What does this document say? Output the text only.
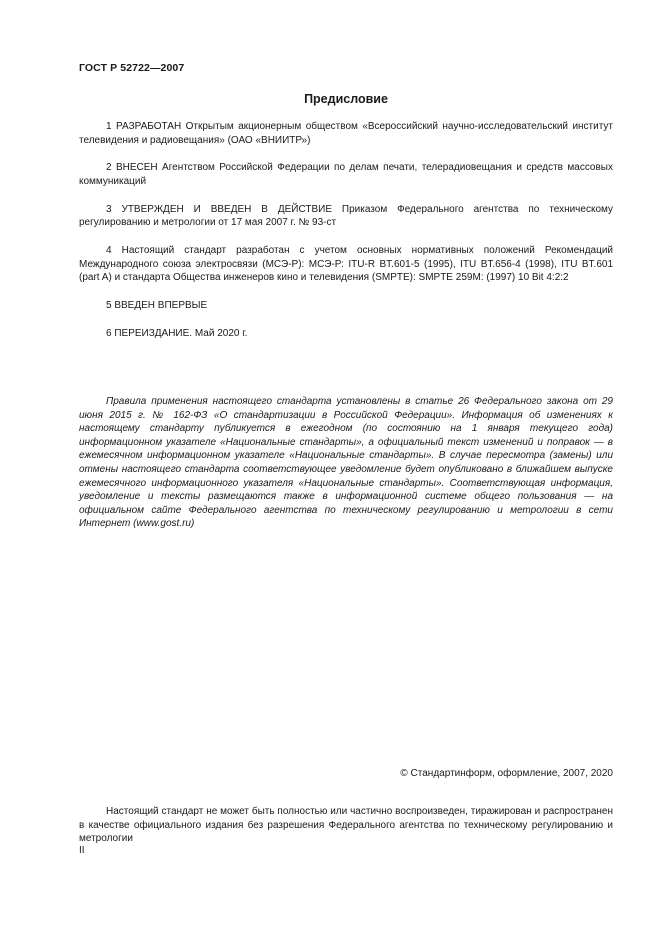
ГОСТ Р 52722—2007
Предисловие

1 РАЗРАБОТАН Открытым акционерным обществом «Всероссийский научно-исследовательский институт телевидения и радиовещания» (ОАО «ВНИИТР»)

2 ВНЕСЕН Агентством Российской Федерации по делам печати, телерадиовещания и средств массовых коммуникаций

3 УТВЕРЖДЕН И ВВЕДЕН В ДЕЙСТВИЕ Приказом Федерального агентства по техническому регулированию и метрологии от 17 мая 2007 г. № 93-ст

4 Настоящий стандарт разработан с учетом основных нормативных положений Рекомендаций Международного союза электросвязи (МСЭ-Р): МСЭ-Р: ITU-R BT.601-5 (1995), ITU BT.656-4 (1998), ITU BT.601 (part A) и стандарта Общества инженеров кино и телевидения (SMPTE): SMPTE 259M: (1997) 10 Bit 4:2:2

5 ВВЕДЕН ВПЕРВЫЕ

6 ПЕРЕИЗДАНИЕ. Май 2020 г.

Правила применения настоящего стандарта установлены в статье 26 Федерального закона от 29 июня 2015 г. № 162-ФЗ «О стандартизации в Российской Федерации». Информация об изменениях к настоящему стандарту публикуется в ежегодном (по состоянию на 1 января текущего года) информационном указателе «Национальные стандарты», а официальный текст изменений и поправок — в ежемесячном информационном указателе «Национальные стандарты». В случае пересмотра (замены) или отмены настоящего стандарта соответствующее уведомление будет опубликовано в ближайшем выпуске ежемесячного информационного указателя «Национальные стандарты». Соответствующая информация, уведомление и тексты размещаются также в информационной системе общего пользования — на официальном сайте Федерального агентства по техническому регулированию и метрологии в сети Интернет (www.gost.ru)

© Стандартинформ, оформление, 2007, 2020

Настоящий стандарт не может быть полностью или частично воспроизведен, тиражирован и распространен в качестве официального издания без разрешения Федерального агентства по техническому регулированию и метрологии

II
